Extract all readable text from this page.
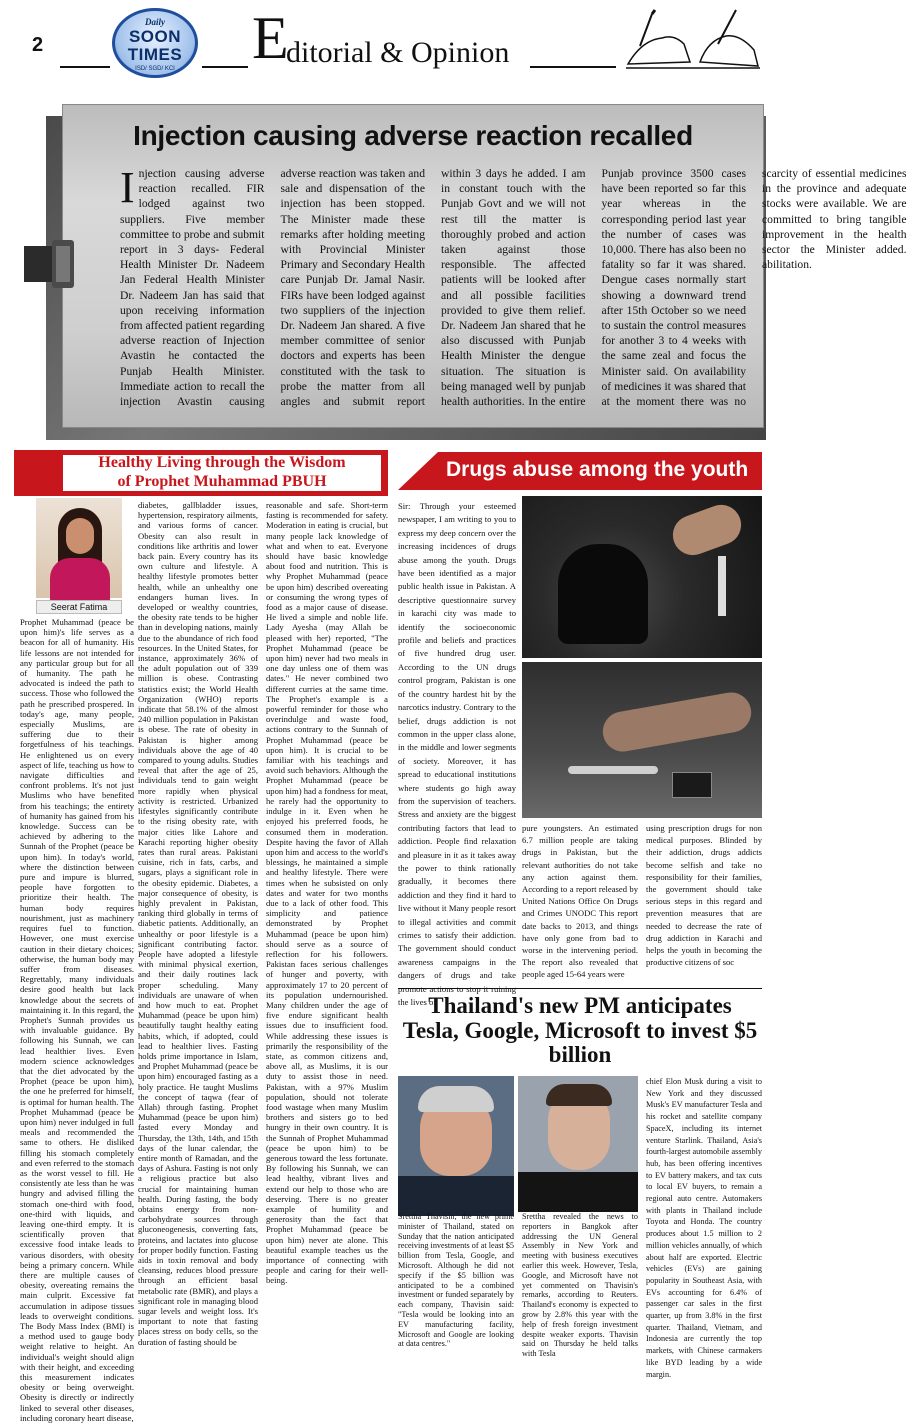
2
Daily
SOON
TIMES
ISD/ SGD/ KCI	E
ditorial & Opinion
Injection causing adverse reaction recalled
Injection causing adverse reaction recalled. FIR lodged against two suppliers. Five member committee to probe and submit report in 3 days- Federal Health Minister Dr. Nadeem Jan Federal Health Minister Dr. Nadeem Jan has said that upon receiving information from affected patient regarding adverse reaction of Injection Avastin he contacted the Punjab Health Minister. Immediate action to recall the injection Avastin causing adverse reaction was taken and sale and dispensation of the injection has been stopped. The Minister made these remarks after holding meeting with Provincial Minister Primary and Secondary Health care Punjab Dr. Jamal Nasir. FIRs have been lodged against two suppliers of the injection Dr. Nadeem Jan shared. A five member committee of senior doctors and experts has been constituted with the task to probe the matter from all angles and submit report within 3 days he added. I am in constant touch with the Punjab Govt and we will not rest till the matter is thoroughly probed and action taken against those responsible. The affected patients will be looked after and all possible facilities provided to give them relief. Dr. Nadeem Jan shared that he also discussed with Punjab Health Minister the dengue situation. The situation is being managed well by punjab health authorities. In the entire Punjab province 3500 cases have been reported so far this year whereas in the corresponding period last year the number of cases was 10,000. There has also been no fatality so far it was shared. Dengue cases normally start showing a downward trend after 15th October so we need to sustain the control measures for another 3 to 4 weeks with the same zeal and focus the Minister said. On availability of medicines it was shared that at the moment there was no scarcity of essential medicines in the province and adequate stocks were available. We are committed to bring tangible improvement in the health sector the Minister added. abilitation.
Healthy Living through the Wisdom
of Prophet Muhammad PBUH
Drugs abuse among the youth
Seerat Fatima
Prophet Muhammad (peace be upon him)'s life serves as a beacon for all of humanity. His life lessons are not intended for any particular group but for all of humanity. The path he advocated is indeed the path to success. Those who followed the path he prescribed prospered. In today's age, many people, especially Muslims, are suffering due to their forgetfulness of his teachings. He enlightened us on every aspect of life, teaching us how to navigate difficulties and confront problems. It's not just Muslims who have benefited from his teachings; the entirety of humanity has gained from his knowledge. Success can be achieved by adhering to the Sunnah of the Prophet (peace be upon him). In today's world, where the distinction between pure and impure is blurred, people have forgotten to prioritize their health. The human body requires nourishment, just as machinery requires fuel to function. However, one must exercise caution in their dietary choices; otherwise, the human body may suffer from diseases. Regrettably, many individuals desire good health but lack knowledge about the secrets of maintaining it. In this regard, the Prophet's Sunnah provides us with invaluable guidance. By following his Sunnah, we can lead healthier lives. Even modern science acknowledges that the diet advocated by the Prophet (peace be upon him), the one he preferred for himself, is optimal for human health. The Prophet Muhammad (peace be upon him) never indulged in full meals and recommended the same to others. He disliked filling his stomach completely and even referred to the stomach as the worst vessel to fill. He consistently ate less than he was hungry and advised filling the stomach one-third with food, one-third with liquids, and leaving one-third empty. It is scientifically proven that excessive food intake leads to various disorders, with obesity being a primary concern. While there are multiple causes of obesity, overeating remains the main culprit. Excessive fat accumulation in adipose tissues leads to overweight conditions. The Body Mass Index (BMI) is a method used to gauge body weight relative to height. An individual's weight should align with their height, and exceeding this measurement indicates obesity or being overweight. Obesity is directly or indirectly linked to several other diseases, including coronary heart disease,
diabetes, gallbladder issues, hypertension, respiratory ailments, and various forms of cancer. Obesity can also result in conditions like arthritis and lower back pain. Every country has its own culture and lifestyle. A healthy lifestyle promotes better health, while an unhealthy one endangers human lives. In developed or wealthy countries, the obesity rate tends to be higher than in developing nations, mainly due to the abundance of rich food resources. In the United States, for instance, approximately 36% of the adult population out of 339 million is obese. Contrasting statistics exist; the World Health Organization (WHO) reports indicate that 58.1% of the almost 240 million population in Pakistan is obese. The rate of obesity in Pakistan is higher among individuals above the age of 40 compared to young adults. Studies reveal that after the age of 25, individuals tend to gain weight more rapidly when physical activity is restricted. Urbanized lifestyles significantly contribute to the rising obesity rate, with major cities like Lahore and Karachi reporting higher obesity rates than rural areas. Pakistani cuisine, rich in fats, carbs, and sugars, plays a significant role in the obesity epidemic. Diabetes, a major consequence of obesity, is highly prevalent in Pakistan, ranking third globally in terms of diabetic patients. Additionally, an unhealthy or poor lifestyle is a significant contributing factor. People have adopted a lifestyle with minimal physical exertion, and their daily routines lack proper scheduling. Many individuals are unaware of when and how much to eat. Prophet Muhammad (peace be upon him) beautifully taught healthy eating habits, which, if adopted, could lead to healthier lives. Fasting holds prime importance in Islam, and Prophet Muhammad (peace be upon him) encouraged fasting as a holy practice. He taught Muslims the concept of taqwa (fear of Allah) through fasting. Prophet Muhammad (peace be upon him) fasted every Monday and Thursday, the 13th, 14th, and 15th days of the lunar calendar, the entire month of Ramadan, and the days of Ashura. Fasting is not only a religious practice but also crucial for maintaining human health. During fasting, the body obtains energy from non-carbohydrate sources through gluconeogenesis, converting fats, proteins, and lactates into glucose for proper bodily function. Fasting aids in toxin removal and body cleansing, reduces blood pressure through an efficient basal metabolic rate (BMR), and plays a significant role in managing blood sugar levels and weight loss. It's important to note that fasting places stress on body cells, so the duration of fasting should be
reasonable and safe. Short-term fasting is recommended for safety. Moderation in eating is crucial, but many people lack knowledge of what and when to eat. Everyone should have basic knowledge about food and nutrition. This is why Prophet Muhammad (peace be upon him) described overeating or consuming the wrong types of food as a major cause of disease. He lived a simple and noble life. Lady Ayesha (may Allah be pleased with her) reported, "The Prophet Muhammad (peace be upon him) never had two meals in one day unless one of them was dates." He never combined two different curries at the same time. The Prophet's example is a powerful reminder for those who overindulge and waste food, actions contrary to the Sunnah of Prophet Muhammad (peace be upon him). It is crucial to be familiar with his teachings and avoid such behaviors. Although the Prophet Muhammad (peace be upon him) had a fondness for meat, he rarely had the opportunity to indulge in it. Even when he enjoyed his preferred foods, he consumed them in moderation. Despite having the favor of Allah upon him and access to the world's blessings, he maintained a simple and healthy lifestyle. There were times when he subsisted on only dates and water for two months due to a lack of other food. This simplicity and patience demonstrated by Prophet Muhammad (peace be upon him) should serve as a source of reflection for his followers. Pakistan faces serious challenges of hunger and poverty, with approximately 17 to 20 percent of its population undernourished. Many children under the age of five endure significant health issues due to insufficient food. While addressing these issues is primarily the responsibility of the state, as common citizens and, above all, as Muslims, it is our duty to assist those in need. Pakistan, with a 97% Muslim population, should not tolerate food wastage when many Muslim brothers and sisters go to bed hungry in their own country. It is the Sunnah of Prophet Muhammad (peace be upon him) to be generous toward the less fortunate. By following his Sunnah, we can lead healthy, vibrant lives and extend our help to those who are deserving. There is no greater example of humility and generosity than the fact that Prophet Muhammad (peace be upon him) never ate alone. This beautiful example teaches us the importance of connecting with people and caring for their well-being.
Sir: Through your esteemed newspaper, I am writing to you to express my deep concern over the increasing incidences of drugs abuse among the youth. Drugs have been identified as a major public health issue in Pakistan. A descriptive questionnaire survey in karachi city was made to identify the socioeconomic profile and beliefs and practices of five hundred drug user. According to the UN drugs control program, Pakistan is one of the country hardest hit by the narcotics industry. Contrary to the belief, drugs addiction is not common in the upper class alone, in the middle and lower segments of society. Moreover, it has spread to educational institutions where students go high away from the supervision of teachers. Stress and anxiety are the biggest contributing factors that lead to addiction. People find relaxation and pleasure in it as it takes away the power to think rationally gradually, it becomes there addiction and they find it hard to live without it Many people resort to illegal activities and commit crimes to satisfy their addiction. The government should conduct awareness campaigns in the dangers of drugs and take the lives of
pure youngsters. An estimated 6.7 million people are taking drugs in Pakistan, but the relevant authorities do not take any action against them. According to a report released by United Nations Office On Drugs and Crimes UNODC This report date backs to 2013, and things have only gone from bad to worse in the intervening period. The report also revealed that people aged 15-64 years were
using prescription drugs for non medical purposes. Blinded by their addiction, drugs addicts become selfish and take no responsibility for their families, the government should take serious steps in this regard and prevention measures that are needed to decrease the rate of drug addiction in Karachi and helps the youth in becoming the productive citizens of soc
Thailand's new PM anticipates Tesla, Google, Microsoft to invest $5 billion
Srettha Thavisin, the new prime minister of Thailand, stated on Sunday that the nation anticipated receiving investments of at least $5 billion from Tesla, Google, and Microsoft. Although he did not specify if the $5 billion was anticipated to be a combined investment or funded separately by each company, Thavisin said: "Tesla would be looking into an EV manufacturing facility, Microsoft and Google are looking at data centres."
Srettha revealed the news to reporters in Bangkok after addressing the UN General Assembly in New York and meeting with business executives earlier this week. However, Tesla, Google, and Microsoft have not yet commented on Thavisin's remarks, according to Reuters. Thailand's economy is expected to grow by 2.8% this year with the help of fresh foreign investment despite weaker exports. Thavisin said on Thursday he held talks with Tesla
chief Elon Musk during a visit to New York and they discussed Musk's EV manufacturer Tesla and his rocket and satellite company SpaceX, including its internet venture Starlink. Thailand, Asia's fourth-largest automobile assembly hub, has been offering incentives to EV battery makers, and tax cuts to local EV buyers, to remain a regional auto centre. Automakers with plants in Thailand include Toyota and Honda. The country produces about 1.5 million to 2 million vehicles annually, of which about half are exported. Electric vehicles (EVs) are gaining popularity in Southeast Asia, with EVs accounting for 6.4% of passenger car sales in the first quarter, up from 3.8% in the first quarter. Thailand, Vietnam, and Indonesia are currently the top markets, with Chinese carmakers like BYD leading by a wide margin.
